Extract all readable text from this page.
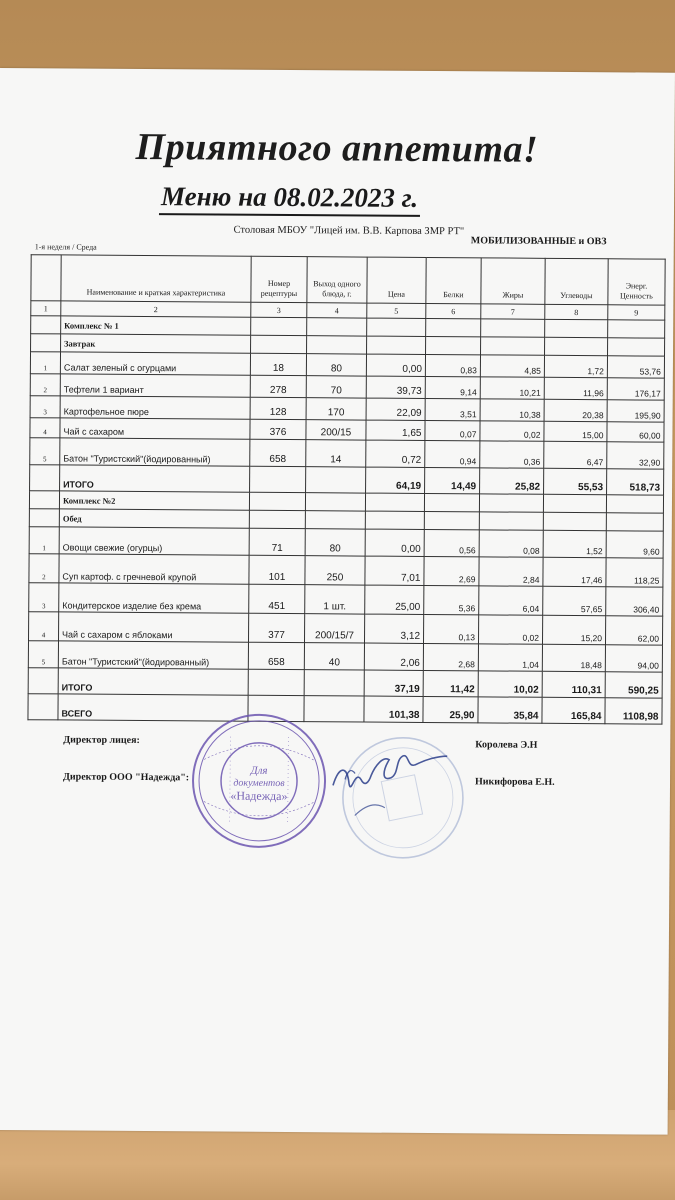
Приятного аппетита!
Меню на 08.02.2023 г.
Столовая МБОУ "Лицей им. В.В. Карпова ЗМР РТ"
МОБИЛИЗОВАННЫЕ и ОВЗ
1-я неделя / Среда
	Наименование и краткая характеристика	Номер рецептуры	Выход одного блюда, г.	Цена	Белки	Жиры	Углеводы	Энерг. Ценность
1	2	3	4	5	6	7	8	9
	Комплекс № 1							
	Завтрак							
1	Салат зеленый с огурцами	18	80	0,00	0,83	4,85	1,72	53,76
2	Тефтели 1 вариант	278	70	39,73	9,14	10,21	11,96	176,17
3	Картофельное пюре	128	170	22,09	3,51	10,38	20,38	195,90
4	Чай с сахаром	376	200/15	1,65	0,07	0,02	15,00	60,00
5	Батон "Туристский"(йодированный)	658	14	0,72	0,94	0,36	6,47	32,90
	ИТОГО			64,19	14,49	25,82	55,53	518,73
	Комплекс №2							
	Обед							
1	Овощи свежие (огурцы)	71	80	0,00	0,56	0,08	1,52	9,60
2	Суп картоф. с гречневой крупой	101	250	7,01	2,69	2,84	17,46	118,25
3	Кондитерское изделие без крема	451	1 шт.	25,00	5,36	6,04	57,65	306,40
4	Чай с сахаром с яблоками	377	200/15/7	3,12	0,13	0,02	15,20	62,00
5	Батон "Туристский"(йодированный)	658	40	2,06	2,68	1,04	18,48	94,00
	ИТОГО			37,19	11,42	10,02	110,31	590,25
	ВСЕГО			101,38	25,90	35,84	165,84	1108,98
Директор лицея:	Королева Э.Н
Директор ООО "Надежда":	Никифорова Е.Н.
Для
документов
«Надежда»
